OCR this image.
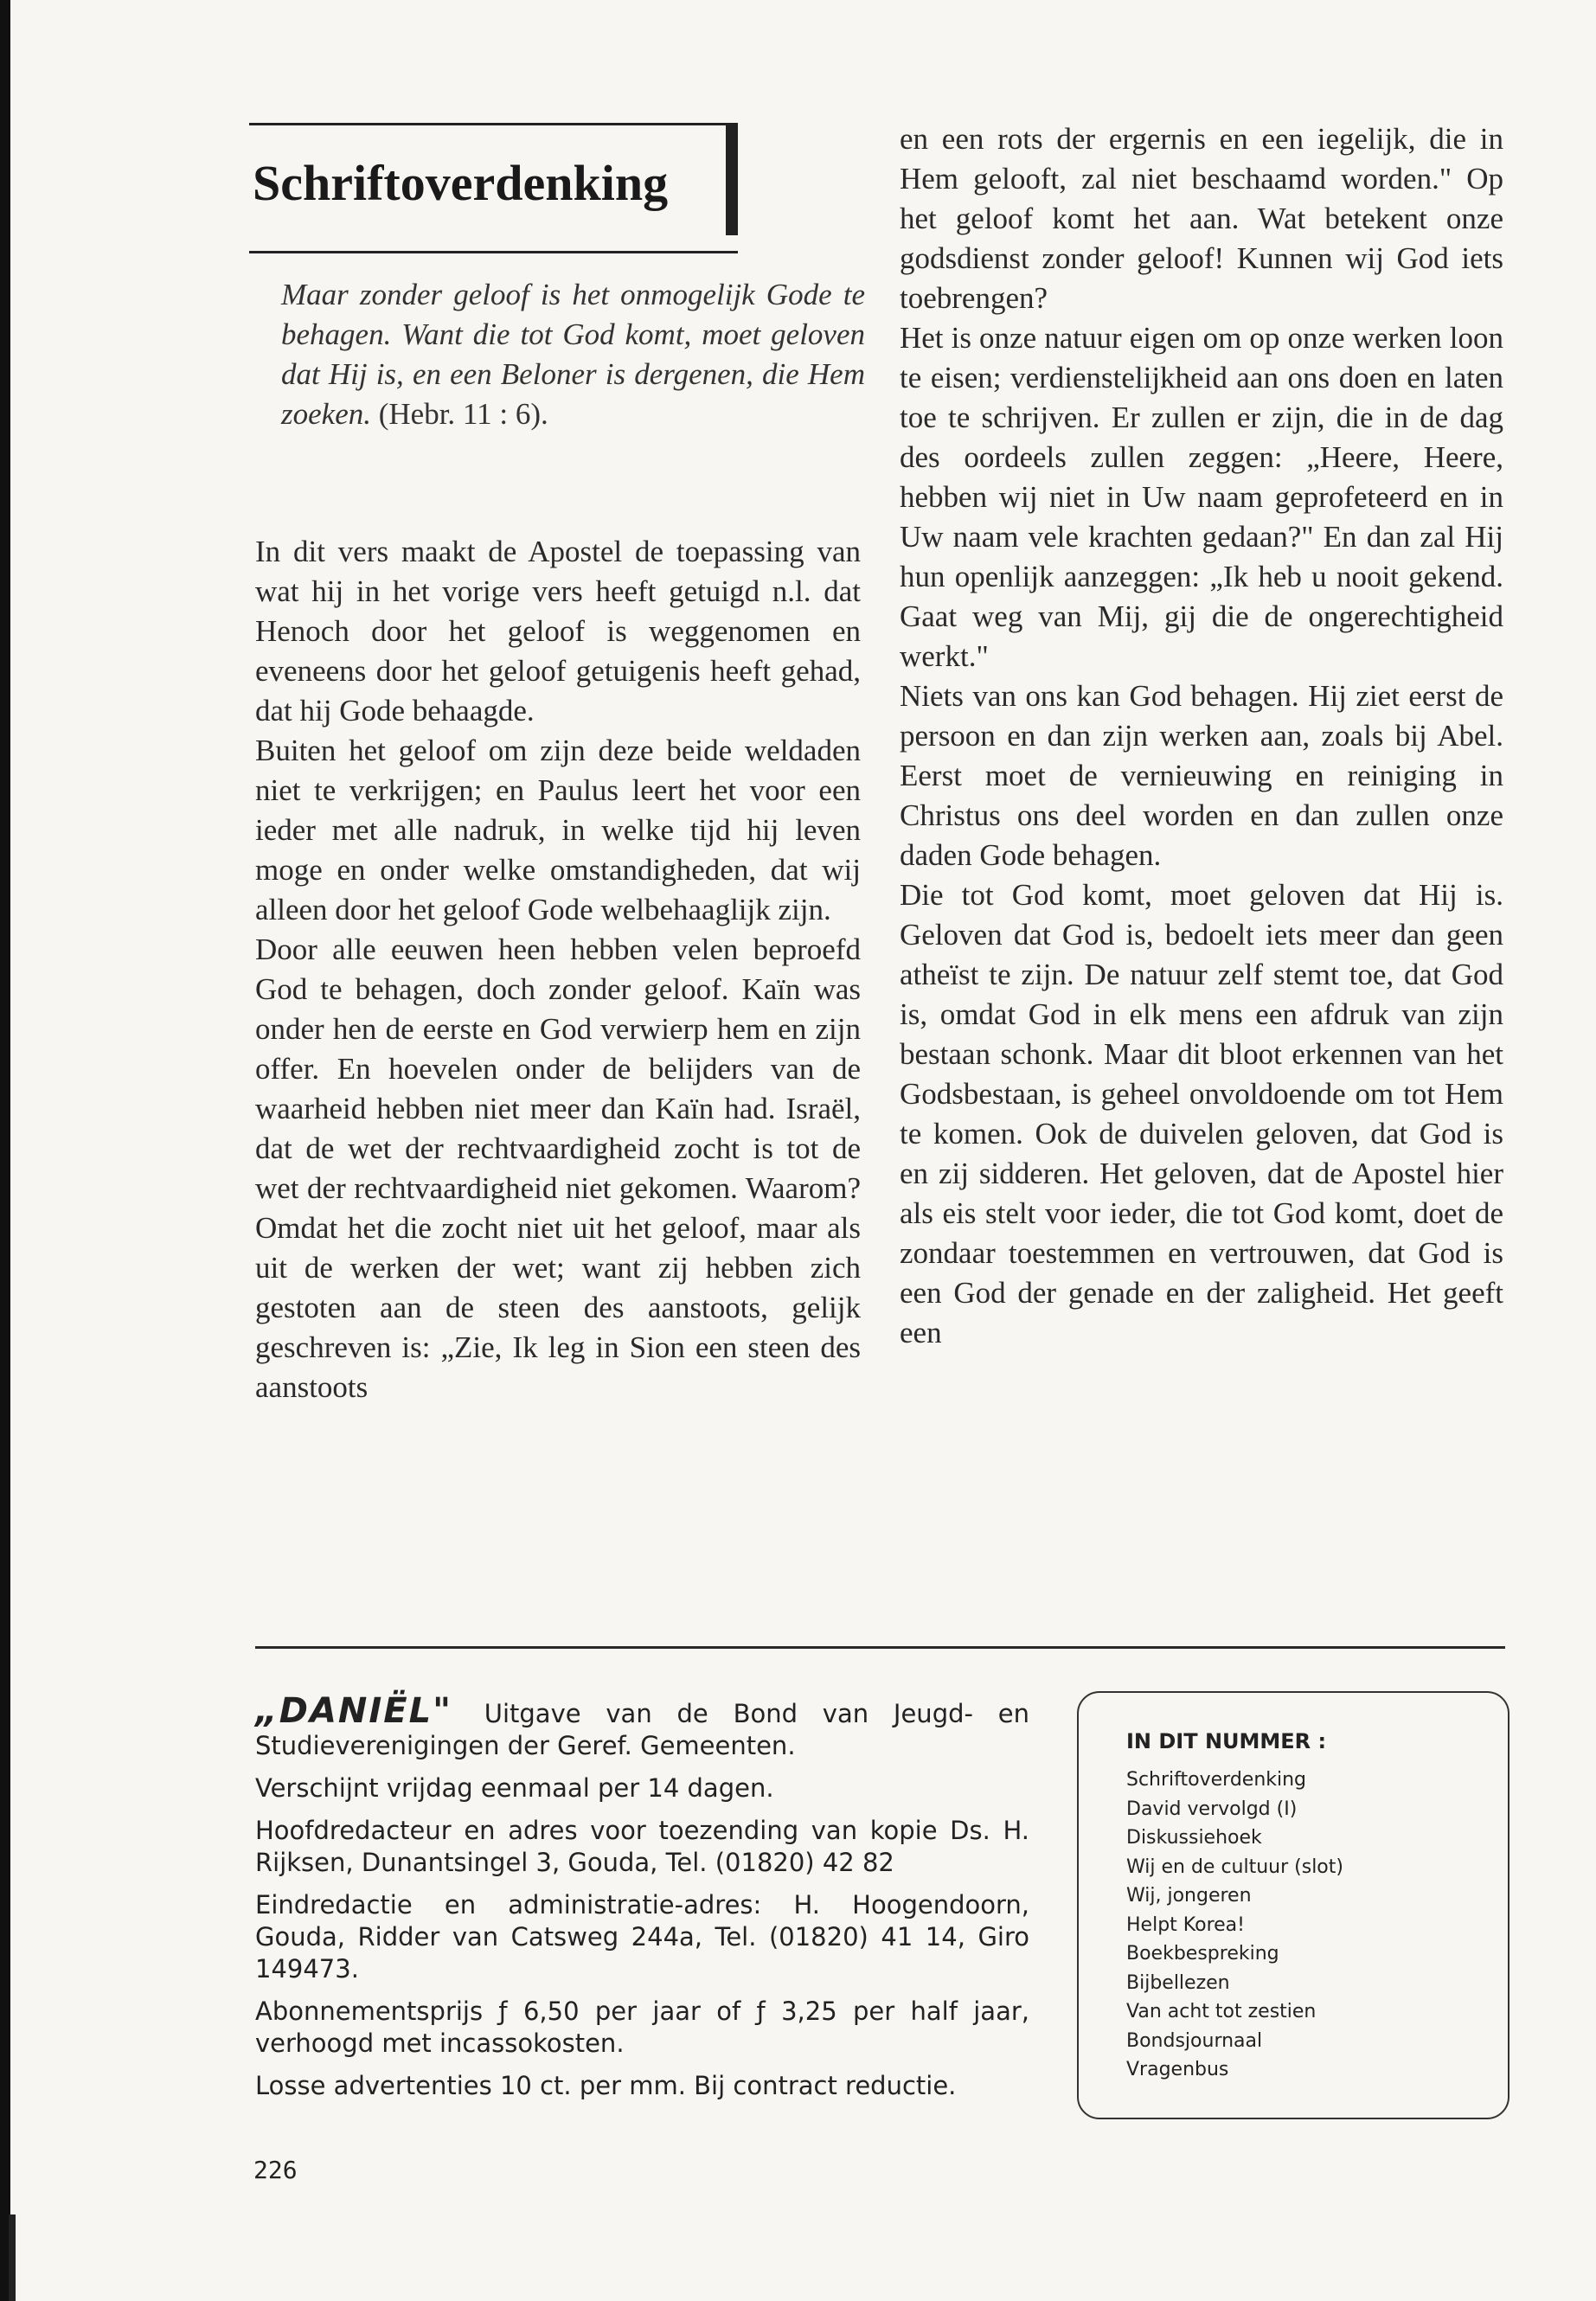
Schriftoverdenking
Maar zonder geloof is het onmogelijk Gode te behagen. Want die tot God komt, moet geloven dat Hij is, en een Beloner is dergenen, die Hem zoeken. (Hebr. 11 : 6).

In dit vers maakt de Apostel de toepassing van wat hij in het vorige vers heeft getuigd n.l. dat Henoch door het geloof is weggenomen en eveneens door het geloof getuigenis heeft gehad, dat hij Gode behaagde.

Buiten het geloof om zijn deze beide weldaden niet te verkrijgen; en Paulus leert het voor een ieder met alle nadruk, in welke tijd hij leven moge en onder welke omstandigheden, dat wij alleen door het geloof Gode welbehaaglijk zijn.

Door alle eeuwen heen hebben velen beproefd God te behagen, doch zonder geloof. Kaïn was onder hen de eerste en God verwierp hem en zijn offer. En hoevelen onder de belijders van de waarheid hebben niet meer dan Kaïn had. Israël, dat de wet der rechtvaardigheid zocht is tot de wet der rechtvaardigheid niet gekomen. Waarom? Omdat het die zocht niet uit het geloof, maar als uit de werken der wet; want zij hebben zich gestoten aan de steen des aanstoots, gelijk geschreven is: „Zie, Ik leg in Sion een steen des aanstoots

en een rots der ergernis en een iegelijk, die in Hem gelooft, zal niet beschaamd worden." Op het geloof komt het aan. Wat betekent onze godsdienst zonder geloof! Kunnen wij God iets toebrengen?

Het is onze natuur eigen om op onze werken loon te eisen; verdienstelijkheid aan ons doen en laten toe te schrijven. Er zullen er zijn, die in de dag des oordeels zullen zeggen: „Heere, Heere, hebben wij niet in Uw naam geprofeteerd en in Uw naam vele krachten gedaan?" En dan zal Hij hun openlijk aanzeggen: „Ik heb u nooit gekend. Gaat weg van Mij, gij die de ongerechtigheid werkt."

Niets van ons kan God behagen. Hij ziet eerst de persoon en dan zijn werken aan, zoals bij Abel. Eerst moet de vernieuwing en reiniging in Christus ons deel worden en dan zullen onze daden Gode behagen.

Die tot God komt, moet geloven dat Hij is. Geloven dat God is, bedoelt iets meer dan geen atheïst te zijn. De natuur zelf stemt toe, dat God is, omdat God in elk mens een afdruk van zijn bestaan schonk. Maar dit bloot erkennen van het Godsbestaan, is geheel onvoldoende om tot Hem te komen. Ook de duivelen geloven, dat God is en zij sidderen. Het geloven, dat de Apostel hier als eis stelt voor ieder, die tot God komt, doet de zondaar toestemmen en vertrouwen, dat God is een God der genade en der zaligheid. Het geeft een

„DANIËL" Uitgave van de Bond van Jeugd- en Studieverenigingen der Geref. Gemeenten.

Verschijnt vrijdag eenmaal per 14 dagen.

Hoofdredacteur en adres voor toezending van kopie Ds. H. Rijksen, Dunantsingel 3, Gouda, Tel. (01820) 42 82

Eindredactie en administratie-adres: H. Hoogendoorn, Gouda, Ridder van Catsweg 244a, Tel. (01820) 41 14, Giro 149473.

Abonnementsprijs ƒ 6,50 per jaar of ƒ 3,25 per half jaar, verhoogd met incassokosten.

Losse advertenties 10 ct. per mm. Bij contract reductie.

IN DIT NUMMER :
Schriftoverdenking
David vervolgd (I)
Diskussiehoek
Wij en de cultuur (slot)
Wij, jongeren
Helpt Korea!
Boekbespreking
Bijbellezen
Van acht tot zestien
Bondsjournaal
Vragenbus
226
